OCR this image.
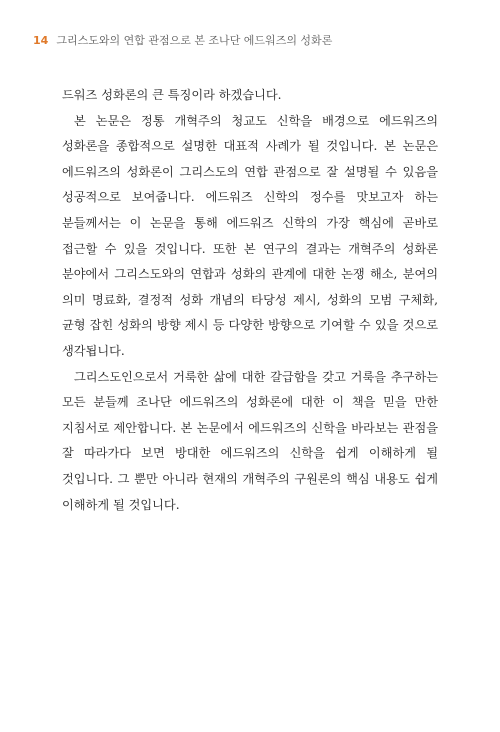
14 그리스도와의 연합 관점으로 본 조나단 에드워즈의 성화론

드워즈 성화론의 큰 특징이라 하겠습니다.

본 논문은 정통 개혁주의 청교도 신학을 배경으로 에드워즈의 성화론을 종합적으로 설명한 대표적 사례가 될 것입니다. 본 논문은 에드워즈의 성화론이 그리스도의 연합 관점으로 잘 설명될 수 있음을 성공적으로 보여줍니다. 에드워즈 신학의 정수를 맛보고자 하는 분들께서는 이 논문을 통해 에드워즈 신학의 가장 핵심에 곧바로 접근할 수 있을 것입니다. 또한 본 연구의 결과는 개혁주의 성화론 분야에서 그리스도와의 연합과 성화의 관계에 대한 논쟁 해소, 분여의 의미 명료화, 결정적 성화 개념의 타당성 제시, 성화의 모범 구체화, 균형 잡힌 성화의 방향 제시 등 다양한 방향으로 기여할 수 있을 것으로 생각됩니다.

그리스도인으로서 거룩한 삶에 대한 갈급함을 갖고 거룩을 추구하는 모든 분들께 조나단 에드워즈의 성화론에 대한 이 책을 믿을 만한 지침서로 제안합니다. 본 논문에서 에드워즈의 신학을 바라보는 관점을 잘 따라가다 보면 방대한 에드워즈의 신학을 쉽게 이해하게 될 것입니다. 그 뿐만 아니라 현재의 개혁주의 구원론의 핵심 내용도 쉽게 이해하게 될 것입니다.
